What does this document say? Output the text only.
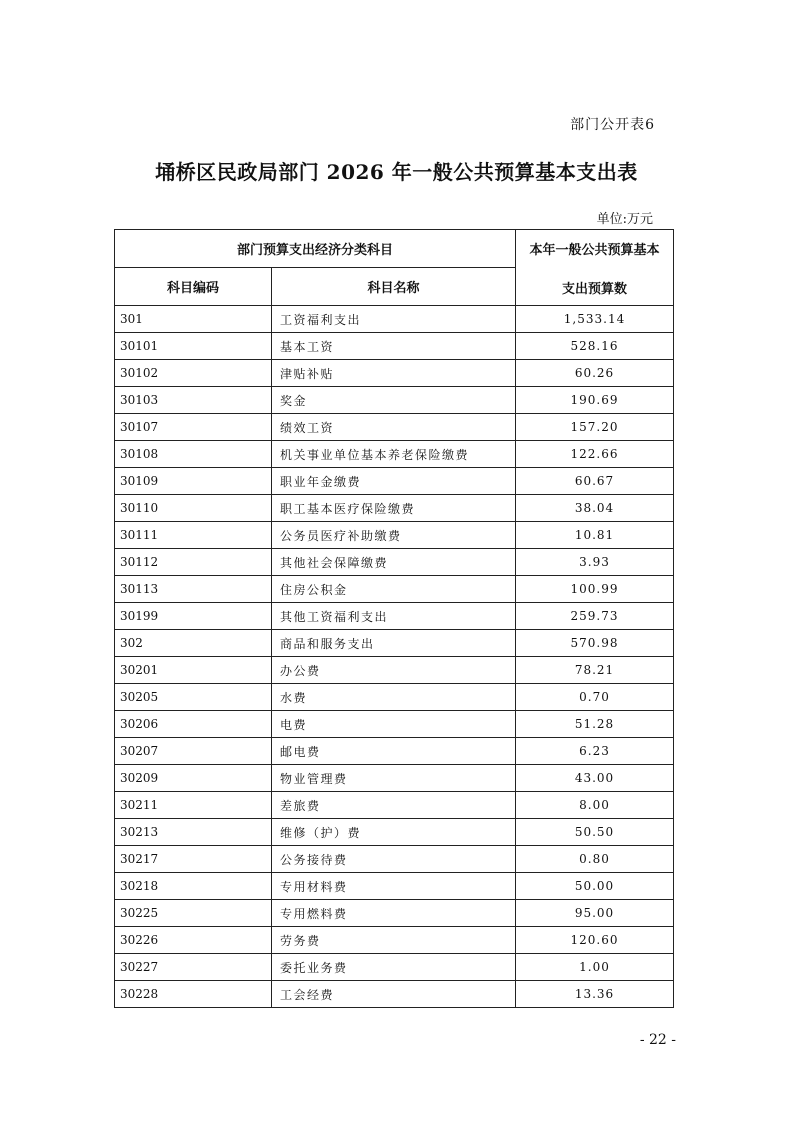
部门公开表6
埇桥区民政局部门 2026 年一般公共预算基本支出表
单位:万元
部门预算支出经济分类科目		本年一般公共预算基本
支出预算数

科目编码	科目名称	
301	工资福利支出	1,533.14
30101	基本工资	528.16
30102	津贴补贴	60.26
30103	奖金	190.69
30107	绩效工资	157.20
30108	机关事业单位基本养老保险缴费	122.66
30109	职业年金缴费	60.67
30110	职工基本医疗保险缴费	38.04
30111	公务员医疗补助缴费	10.81
30112	其他社会保障缴费	3.93
30113	住房公积金	100.99
30199	其他工资福利支出	259.73
302	商品和服务支出	570.98
30201	办公费	78.21
30205	水费	0.70
30206	电费	51.28
30207	邮电费	6.23
30209	物业管理费	43.00
30211	差旅费	8.00
30213	维修（护）费	50.50
30217	公务接待费	0.80
30218	专用材料费	50.00
30225	专用燃料费	95.00
30226	劳务费	120.60
30227	委托业务费	1.00
30228	工会经费	13.36
- 22 -
